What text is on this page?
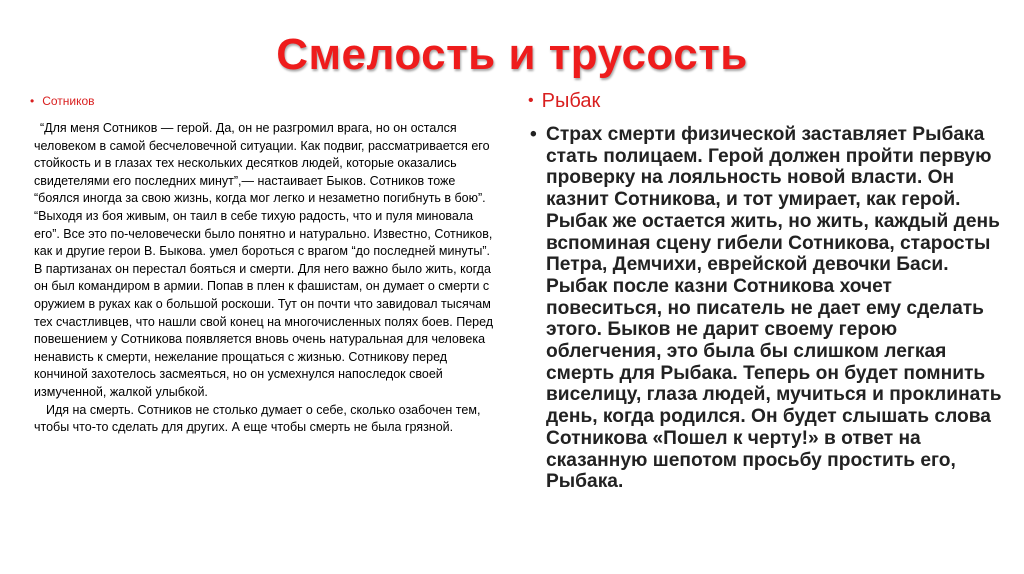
Смелость и трусость
• Сотников

“Для меня Сотников — герой. Да, он не разгромил врага, но он остался человеком в самой бесчеловечной ситуации. Как подвиг, рассматривается его стойкость и в глазах тех нескольких десятков людей, которые оказались свидетелями его последних минут”,— настаивает Быков. Сотников тоже “боялся иногда за свою жизнь, когда мог легко и незаметно погибнуть в бою”. “Выходя из боя живым, он таил в себе тихую радость, что и пуля миновала его”. Все это по-человечески было понятно и натурально. Известно, Сотников, как и другие герои В. Быкова. умел бороться с врагом “до последней минуты”. В партизанах он перестал бояться и смерти. Для него важно было жить, когда он был командиром в армии. Попав в плен к фашистам, он думает о смерти с оружием в руках как о большой роскоши. Тут он почти что завидовал тысячам тех счастливцев, что нашли свой конец на многочисленных полях боев. Перед повешением у Сотникова появляется вновь очень натуральная для человека ненависть к смерти, нежелание прощаться с жизнью. Сотникову перед кончиной захотелось засмеяться, но он усмехнулся напоследок своей измученной, жалкой улыбкой.

Идя на смерть. Сотников не столько думает о себе, сколько озабочен тем, чтобы что-то сделать для других. А еще чтобы смерть не была грязной.

• Рыбак
• Страх смерти физической заставляет Рыбака стать полицаем. Герой должен пройти первую проверку на лояльность новой власти. Он казнит Сотникова, и тот умирает, как герой. Рыбак же остается жить, но жить, каждый день вспоминая сцену гибели Сотникова, старосты Петра, Демчихи, еврейской девочки Баси. Рыбак после казни Сотникова хочет повеситься, но писатель не дает ему сделать этого. Быков не дарит своему герою облегчения, это была бы слишком легкая смерть для Рыбака. Теперь он будет помнить виселицу, глаза людей, мучиться и проклинать день, когда родился. Он будет слышать слова Сотникова «Пошел к черту!» в ответ на сказанную шепотом просьбу простить его, Рыбака.
